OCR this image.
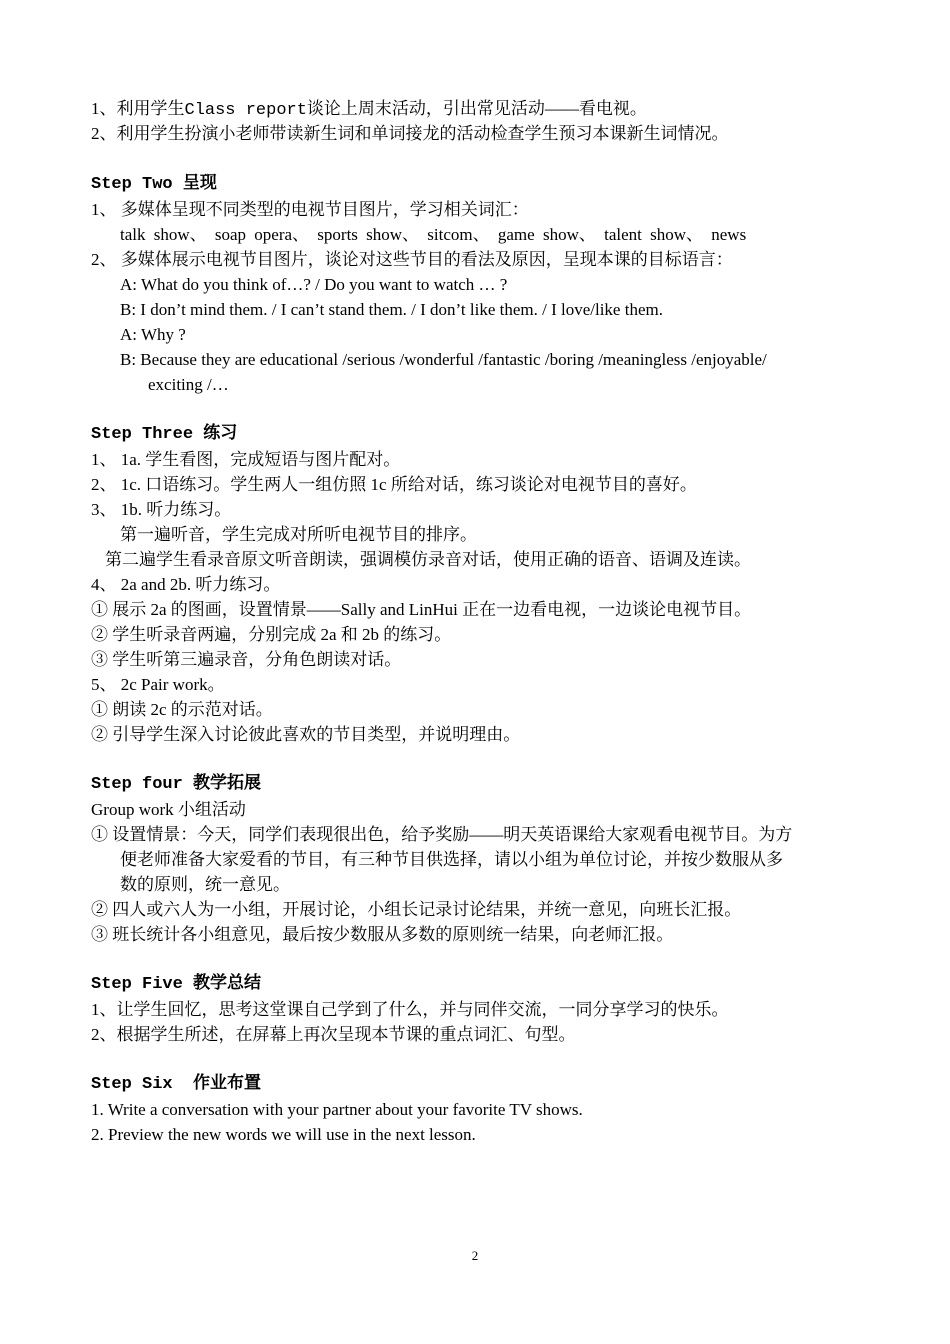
1、利用学生Class report谈论上周末活动，引出常见活动——看电视。
2、利用学生扮演小老师带读新生词和单词接龙的活动检查学生预习本课新生词情况。
Step Two 呈现
1、 多媒体呈现不同类型的电视节目图片，学习相关词汇：
talk show、 soap opera、 sports show、 sitcom、 game show、 talent show、 news
2、 多媒体展示电视节目图片，谈论对这些节目的看法及原因，呈现本课的目标语言：
A: What do you think of…? / Do you want to watch … ?
B: I don’t mind them. / I can’t stand them. / I don’t like them. / I love/like them.
A: Why ?
B: Because they are educational /serious /wonderful /fantastic /boring /meaningless /enjoyable/
exciting /…
Step Three 练习
1、 1a. 学生看图，完成短语与图片配对。
2、 1c. 口语练习。学生两人一组仿照 1c 所给对话，练习谈论对电视节目的喜好。
3、 1b. 听力练习。
第一遍听音，学生完成对所听电视节目的排序。
第二遍学生看录音原文听音朗读，强调模仿录音对话，使用正确的语音、语调及连读。
4、 2a and 2b. 听力练习。
① 展示 2a 的图画，设置情景——Sally and LinHui 正在一边看电视，一边谈论电视节目。
② 学生听录音两遍，分别完成 2a 和 2b 的练习。
③ 学生听第三遍录音，分角色朗读对话。
5、 2c Pair work。
① 朗读 2c 的示范对话。
② 引导学生深入讨论彼此喜欢的节目类型，并说明理由。
Step four 教学拓展
Group work 小组活动
① 设置情景：今天，同学们表现很出色，给予奖励——明天英语课给大家观看电视节目。为方
便老师准备大家爱看的节目，有三种节目供选择，请以小组为单位讨论，并按少数服从多
数的原则，统一意见。
② 四人或六人为一小组，开展讨论，小组长记录讨论结果，并统一意见，向班长汇报。
③ 班长统计各小组意见，最后按少数服从多数的原则统一结果，向老师汇报。
Step Five 教学总结
1、让学生回忆，思考这堂课自己学到了什么，并与同伴交流，一同分享学习的快乐。
2、根据学生所述，在屏幕上再次呈现本节课的重点词汇、句型。
Step Six  作业布置
1. Write a conversation with your partner about your favorite TV shows.
2. Preview the new words we will use in the next lesson.
2
